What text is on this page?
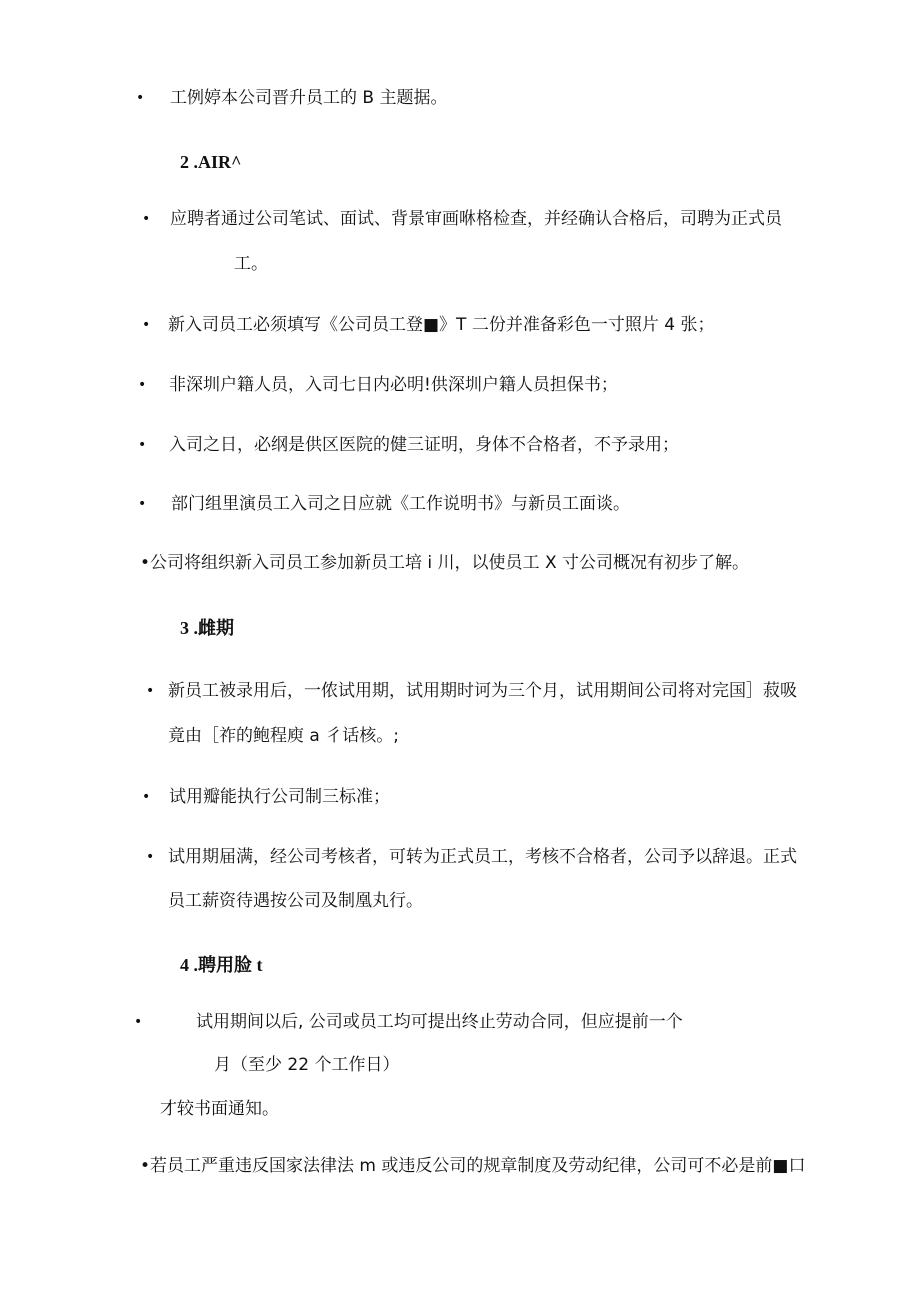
• 工例婷本公司晋升员工的 B 主题据。
2 .AIR^
• 应聘者通过公司笔试、面试、背景审画咻格检查，并经确认合格后，司聘为正式员
工。
• 新入司员工必须填写《公司员工登■》T 二份并准备彩色一寸照片 4 张；
• 非深圳户籍人员，入司七日内必明!供深圳户籍人员担保书；
• 入司之日，必纲是供区医院的健三证明，身体不合格者，不予录用；
• 部门组里演员工入司之日应就《工作说明书》与新员工面谈。
•公司将组织新入司员工参加新员工培 i 川，以使员工 X 寸公司概况有初步了解。
3 .雌期
• 新员工被录用后，一侬试用期，试用期时诃为三个月，试用期间公司将对完国］菽吸
竟由［祚的鲍程庾 a 彳话核。;
• 试用瓣能执行公司制三标准；
• 试用期届满，经公司考核者，可转为正式员工，考核不合格者，公司予以辞退。正式
员工薪资待遇按公司及制凰丸行。
4 .聘用脸 t
•	试用期间以后, 公司或员工均可提出终止劳动合同，但应提前一个
月（至少 22 个工作日）
才较书面通知。
•若员工严重违反国家法律法 m 或违反公司的规章制度及劳动纪律，公司可不必是前■口
